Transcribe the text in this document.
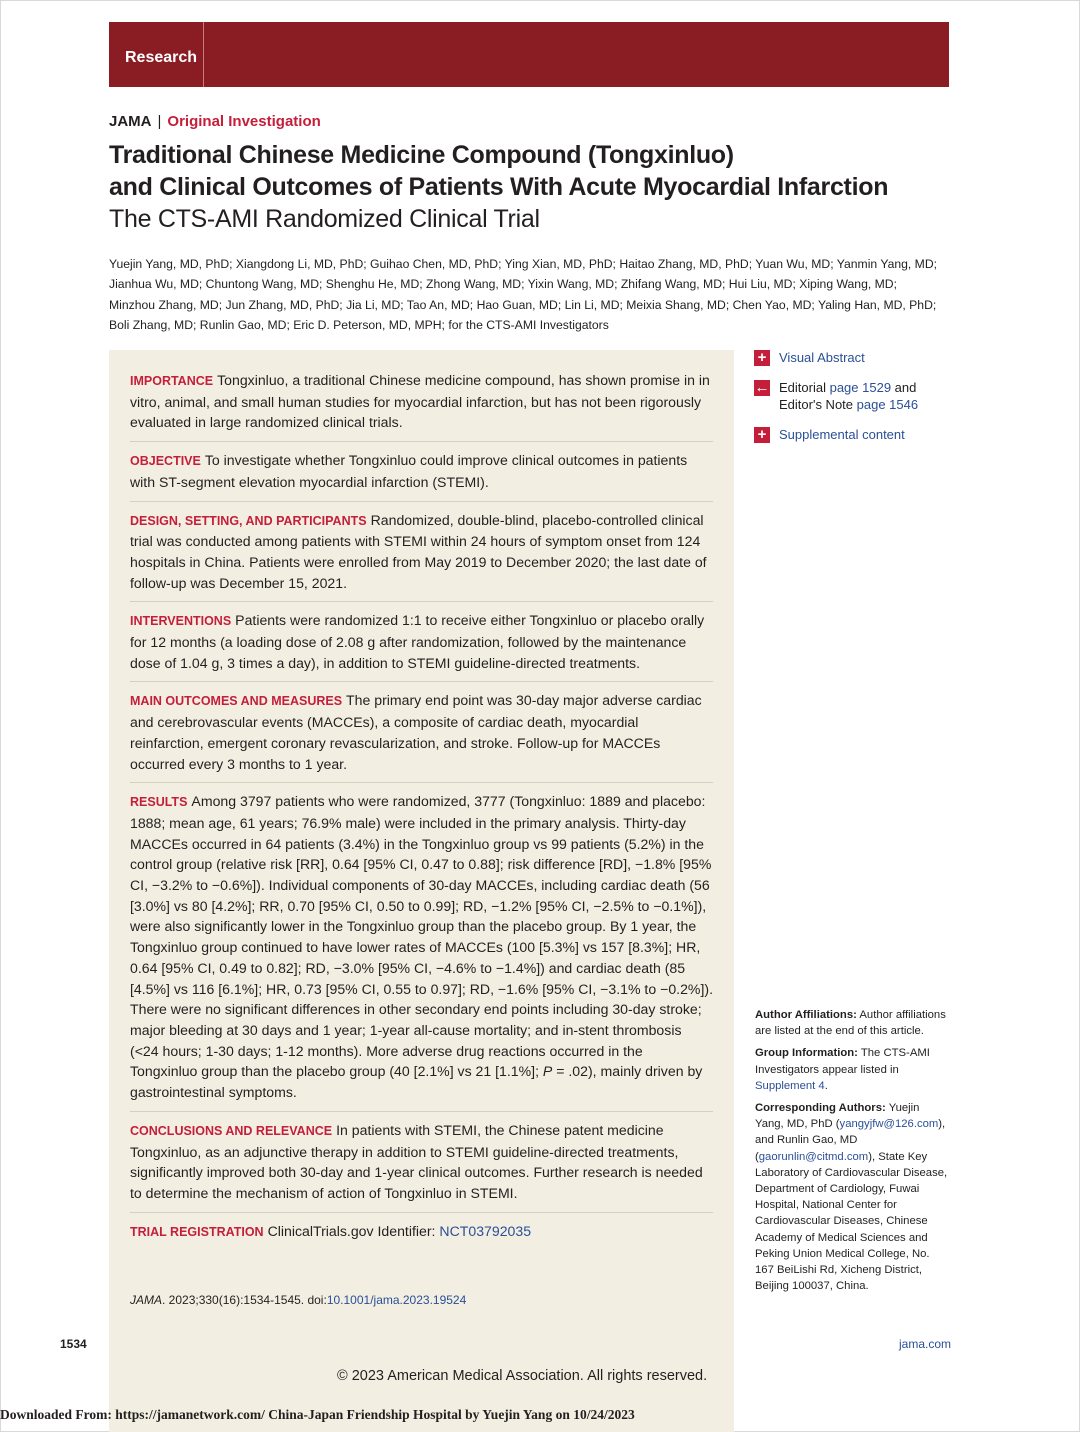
Research
JAMA | Original Investigation
Traditional Chinese Medicine Compound (Tongxinluo)
and Clinical Outcomes of Patients With Acute Myocardial Infarction
The CTS-AMI Randomized Clinical Trial
Yuejin Yang, MD, PhD; Xiangdong Li, MD, PhD; Guihao Chen, MD, PhD; Ying Xian, MD, PhD; Haitao Zhang, MD, PhD; Yuan Wu, MD; Yanmin Yang, MD;
Jianhua Wu, MD; Chuntong Wang, MD; Shenghu He, MD; Zhong Wang, MD; Yixin Wang, MD; Zhifang Wang, MD; Hui Liu, MD; Xiping Wang, MD;
Minzhou Zhang, MD; Jun Zhang, MD, PhD; Jia Li, MD; Tao An, MD; Hao Guan, MD; Lin Li, MD; Meixia Shang, MD; Chen Yao, MD; Yaling Han, MD, PhD;
Boli Zhang, MD; Runlin Gao, MD; Eric D. Peterson, MD, MPH; for the CTS-AMI Investigators
IMPORTANCE Tongxinluo, a traditional Chinese medicine compound, has shown promise in in vitro, animal, and small human studies for myocardial infarction, but has not been rigorously evaluated in large randomized clinical trials.
OBJECTIVE To investigate whether Tongxinluo could improve clinical outcomes in patients with ST-segment elevation myocardial infarction (STEMI).
DESIGN, SETTING, AND PARTICIPANTS Randomized, double-blind, placebo-controlled clinical trial was conducted among patients with STEMI within 24 hours of symptom onset from 124 hospitals in China. Patients were enrolled from May 2019 to December 2020; the last date of follow-up was December 15, 2021.
INTERVENTIONS Patients were randomized 1:1 to receive either Tongxinluo or placebo orally for 12 months (a loading dose of 2.08 g after randomization, followed by the maintenance dose of 1.04 g, 3 times a day), in addition to STEMI guideline-directed treatments.
MAIN OUTCOMES AND MEASURES The primary end point was 30-day major adverse cardiac and cerebrovascular events (MACCEs), a composite of cardiac death, myocardial reinfarction, emergent coronary revascularization, and stroke. Follow-up for MACCEs occurred every 3 months to 1 year.
RESULTS Among 3797 patients who were randomized, 3777 (Tongxinluo: 1889 and placebo: 1888; mean age, 61 years; 76.9% male) were included in the primary analysis. Thirty-day MACCEs occurred in 64 patients (3.4%) in the Tongxinluo group vs 99 patients (5.2%) in the control group (relative risk [RR], 0.64 [95% CI, 0.47 to 0.88]; risk difference [RD], −1.8% [95% CI, −3.2% to −0.6%]). Individual components of 30-day MACCEs, including cardiac death (56 [3.0%] vs 80 [4.2%]; RR, 0.70 [95% CI, 0.50 to 0.99]; RD, −1.2% [95% CI, −2.5% to −0.1%]), were also significantly lower in the Tongxinluo group than the placebo group. By 1 year, the Tongxinluo group continued to have lower rates of MACCEs (100 [5.3%] vs 157 [8.3%]; HR, 0.64 [95% CI, 0.49 to 0.82]; RD, −3.0% [95% CI, −4.6% to −1.4%]) and cardiac death (85 [4.5%] vs 116 [6.1%]; HR, 0.73 [95% CI, 0.55 to 0.97]; RD, −1.6% [95% CI, −3.1% to −0.2%]). There were no significant differences in other secondary end points including 30-day stroke; major bleeding at 30 days and 1 year; 1-year all-cause mortality; and in-stent thrombosis (<24 hours; 1-30 days; 1-12 months). More adverse drug reactions occurred in the Tongxinluo group than the placebo group (40 [2.1%] vs 21 [1.1%]; P = .02), mainly driven by gastrointestinal symptoms.
CONCLUSIONS AND RELEVANCE In patients with STEMI, the Chinese patent medicine Tongxinluo, as an adjunctive therapy in addition to STEMI guideline-directed treatments, significantly improved both 30-day and 1-year clinical outcomes. Further research is needed to determine the mechanism of action of Tongxinluo in STEMI.
TRIAL REGISTRATION ClinicalTrials.gov Identifier: NCT03792035
JAMA. 2023;330(16):1534-1545. doi:10.1001/jama.2023.19524
+ Visual Abstract
← Editorial page 1529 and
Editor's Note page 1546
+ Supplemental content

Author Affiliations: Author affiliations are listed at the end of this article.

Group Information: The CTS-AMI Investigators appear listed in Supplement 4.

Corresponding Authors: Yuejin Yang, MD, PhD (yangyjfw@126.com), and Runlin Gao, MD (gaorunlin@citmd.com), State Key Laboratory of Cardiovascular Disease, Department of Cardiology, Fuwai Hospital, National Center for Cardiovascular Diseases, Chinese Academy of Medical Sciences and Peking Union Medical College, No. 167 BeiLishi Rd, Xicheng District, Beijing 100037, China.

1534	jama.com
© 2023 American Medical Association. All rights reserved.
Downloaded From: https://jamanetwork.com/ China-Japan Friendship Hospital by Yuejin Yang on 10/24/2023
